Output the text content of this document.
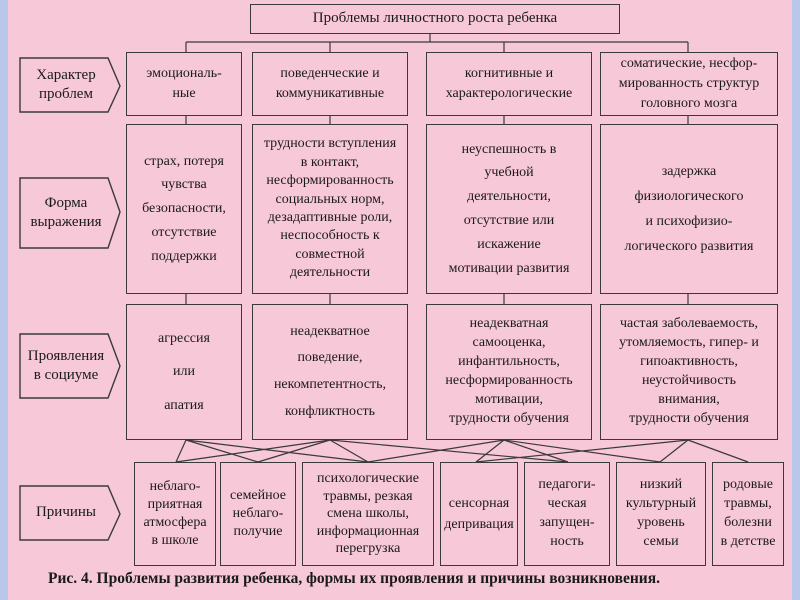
Проблемы личностного роста ребенка
Характер
проблем
Форма
выражения
Проявления
в социуме
Причины
эмоциональ-
ные
поведенческие и
коммуникативные
когнитивные и
характерологические
соматические, несфор-
мированность структур
головного мозга
страх, потеря
чувства
безопасности,
отсутствие
поддержки
трудности вступления
в контакт,
несформированность
социальных норм,
дезадаптивные роли,
неспособность к
совместной
деятельности
неуспешность в
учебной
деятельности,
отсутствие или
искажение
мотивации развития
задержка
физиологического
и психофизио-
логического развития
агрессия
или
апатия
неадекватное
поведение,
некомпетентность,
конфликтность
неадекватная
самооценка,
инфантильность,
несформированность
мотивации,
трудности обучения
частая заболеваемость,
утомляемость, гипер- и
гипоактивность,
неустойчивость
внимания,
трудности обучения
неблаго-
приятная
атмосфера
в школе
семейное
неблаго-
получие
психологические
травмы, резкая
смена школы,
информационная
перегрузка
сенсорная
депривация
педагоги-
ческая
запущен-
ность
низкий
культурный
уровень
семьи
родовые
травмы,
болезни
в детстве
Рис. 4. Проблемы развития ребенка, формы их проявления и причины возникновения.
